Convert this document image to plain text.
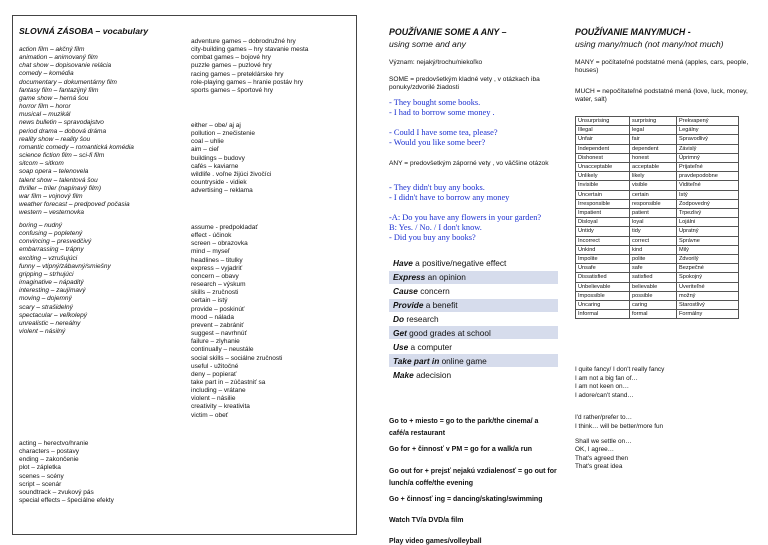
SLOVNÁ ZÁSOBA – vocabulary
action film – akčný film
animation – animovaný film
chat show – dopisovanie relácia
comedy – komédia
documentary – dokumentárny film
fantasy film – fantazijný film
game show – herná šou
horror film – horor
musical – muzikál
news bulletin – spravodajstvo
period drama – dobová dráma
reality show – reality šou
romantic comedy – romantická komédia
science fiction film – sci-fi film
sitcom – sitkom
soap opera – telenovela
talent show – talentová šou
thriller – triler (napínavý film)
war film – vojnový film
weather forecast – predpoveď počasia
western – vesternovka
boring – nudný
confusing – popletený
convincing – presvedčivý
embarrassing – trápny
exciting – vzrušujúci
funny – vtipný/zábavný/smiešny
gripping – strhujúci
imaginative – nápaditý
interesting – zaujímavý
moving – dojemný
scary – strašidelný
spectacular – veľkolepý
unrealistic – nereálny
violent – násilný
acting – herectvo/hranie
characters – postavy
ending – zakončenie
plot – zápletka
scenes – scény
script – scenár
soundtrack – zvukový pás
special effects – špeciálne efekty
adventure games – dobrodružné hry
city-building games – hry stavanie mesta
combat games – bojové hry
puzzle games – puzlové hry
racing games – preteklárske hry
role-playing games – hranie postáv hry
sports games – športové hry
either – obe/ aj aj
pollution – znečistenie
coal – uhlie
aim – cieľ
buildings – budovy
cafés – kaviarne
wildlife . voľne žijúci živočíci
countryside - vidiek
advertising – reklama
assume - predpokladať
effect - účinok
screen – obrazovka
mind – myseľ
headlines – titulky
express – vyjadriť
concern – obavy
research – výskum
skills – zručnosti
certain – istý
provide – poskinúť
mood – nálada
prevent – zabrániť
suggest – navrhnúť
failure – zlyhanie
continually – neustále
social skills – sociálne zručnosti
useful - užitočné
deny – popierať
take part in – zúčastniť sa
including – vrátane
violent – násilie
creativity – kreativita
victim – obeť
POUŽÍVANIE SOME A ANY –
using some and any
Význam: nejaký/trochu/niekoľko
SOME = predovšetkým kladné vety , v otázkach iba ponuky/zdvorilé žiadosti
- They bought some books.
- I had to borrow some money .
- Could I have some tea, please?
- Would you like some beer?
ANY = predovšetkým záporné vety , vo väčšine otázok
- They didn't buy any books.
- I didn't have to borrow any money
-A: Do you have any flowers in your garden?
B: Yes. / No. / I don't know.
- Did you buy any books?
Have a positive/negative effect
Express an opinion
Cause concern
Provide a benefit
Do research
Get good grades at school
Use a computer
Take part in online game
Make adecision
Go to + miesto = go to the park/the cinema/ a café/a restaurant
Go for + činnosť v PM = go for a walk/a run
Go out for + prejsť nejakú vzdialenosť = go out for lunch/a coffe/the evening
Go + činnosť ing = dancing/skating/swimming
Watch TV/a DVD/a film
Play video games/volleyball
POUŽÍVANIE MANY/MUCH -
using many/much (not many/not much)
MANY = počítateľné podstatné mená (apples, cars, people, houses)
MUCH = nepočítateľné podstatné mená (love, luck, money, water, salt)
Unsurprising	surprising	Prekvapený
Illegal	legal	Legálny
Unfair	fair	Spravodlivý
Independent	dependent	Závislý
Dishonest	honest	Úprimný
Unacceptable	acceptable	Prijateľné
Unlikely	likely	pravdepodobne
Invisible	visible	Viditeľné
Uncertain	certain	Istý
Irresponsible	responsible	Zodpovedný
Impatient	patient	Trpezlivý
Disloyal	loyal	Lojálni
Untidy	tidy	Upratný
Incorrect	correct	Správne
Unkind	kind	Milý
Impolite	polite	Zdvorilý
Unsafe	safe	Bezpečné
Dissatisfied	satisfied	Spokojný
Unbelievable	believable	Uveriteľné
Impossible	possible	možný
Uncaring	caring	Starostlivý
Informal	formal	Formálny
I quite fancy/ I don't really fancy
I am not a big fan of…
I am not keen on…
I adore/can't stand…
I'd rather/prefer to…
I think… will be better/more fun
Shall we settle on…
OK, I agree…
That's agreed then
That's great idea
